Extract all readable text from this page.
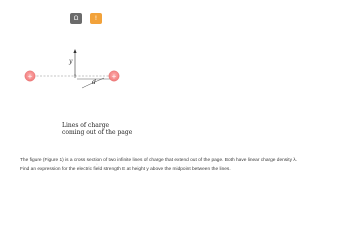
Ω	!
+	+
y
d
Lines of charge
coming out of the page
•
The figure (Figure 1) is a cross section of two infinite lines of charge that extend out of the page. Both have linear charge density λ.
Find an expression for the electric field strength E at height y above the midpoint between the lines.
